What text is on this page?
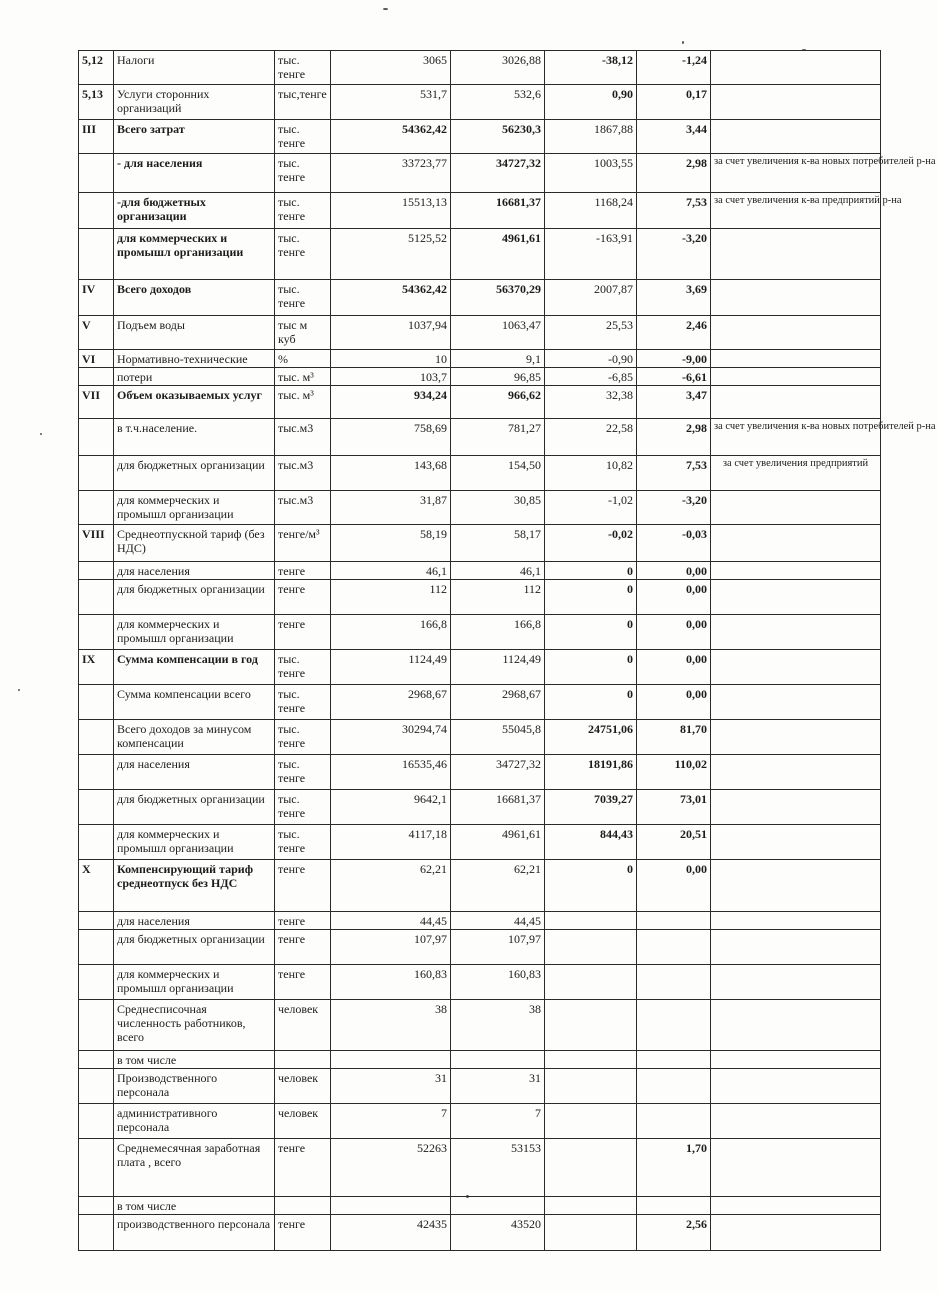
5,12	Налоги	тыс. тенге	3065	3026,88	-38,12	-1,24	
5,13	Услуги сторонних организаций	тыс,тенге	531,7	532,6	0,90	0,17	
III	Всего затрат	тыс. тенге	54362,42	56230,3	1867,88	3,44	
	- для населения	тыс. тенге	33723,77	34727,32	1003,55	2,98	за счет увеличения к-ва новых потребителей р-на
	-для бюджетных организации	тыс. тенге	15513,13	16681,37	1168,24	7,53	за счет увеличения к-ва предприятий р-на
	для коммерческих и промышл организации	тыс. тенге	5125,52	4961,61	-163,91	-3,20	
IV	Всего доходов	тыс. тенге	54362,42	56370,29	2007,87	3,69	
V	Подъем воды	тыс м куб	1037,94	1063,47	25,53	2,46	
VI	Нормативно-технические	%	10	9,1	-0,90	-9,00	
	потери	тыс. м³	103,7	96,85	-6,85	-6,61	
VII	Объем оказываемых услуг	тыс. м³	934,24	966,62	32,38	3,47	
	в т.ч.население.	тыс.м3	758,69	781,27	22,58	2,98	за счет увеличения к-ва новых потребителей р-на
	для бюджетных организации	тыс.м3	143,68	154,50	10,82	7,53	за счет увеличения предприятий
	для коммерческих и промышл организации	тыс.м3	31,87	30,85	-1,02	-3,20	
VIII	Среднеотпускной тариф (без НДС)	тенге/м³	58,19	58,17	-0,02	-0,03	
	для населения	тенге	46,1	46,1	0	0,00	
	для бюджетных организации	тенге	112	112	0	0,00	
	для коммерческих и промышл организации	тенге	166,8	166,8	0	0,00	
IX	Сумма компенсации в год	тыс. тенге	1124,49	1124,49	0	0,00	
	Сумма компенсации всего	тыс. тенге	2968,67	2968,67	0	0,00	
	Всего доходов за минусом компенсации	тыс. тенге	30294,74	55045,8	24751,06	81,70	
	для населения	тыс. тенге	16535,46	34727,32	18191,86	110,02	
	для бюджетных организации	тыс. тенге	9642,1	16681,37	7039,27	73,01	
	для коммерческих и промышл организации	тыс. тенге	4117,18	4961,61	844,43	20,51	
X	Компенсирующий тариф среднеотпуск без НДС	тенге	62,21	62,21	0	0,00	
	для населения	тенге	44,45	44,45			
	для бюджетных организации	тенге	107,97	107,97			
	для коммерческих и промышл организации	тенге	160,83	160,83			
	Среднесписочная численность работников, всего	человек	38	38			
	в том числе						
	Производственного персонала	человек	31	31			
	административного персонала	человек	7	7			
	Среднемесячная заработная плата , всего	тенге	52263	53153		1,70	
	в том числе						
	производственного персонала	тенге	42435	43520		2,56	
